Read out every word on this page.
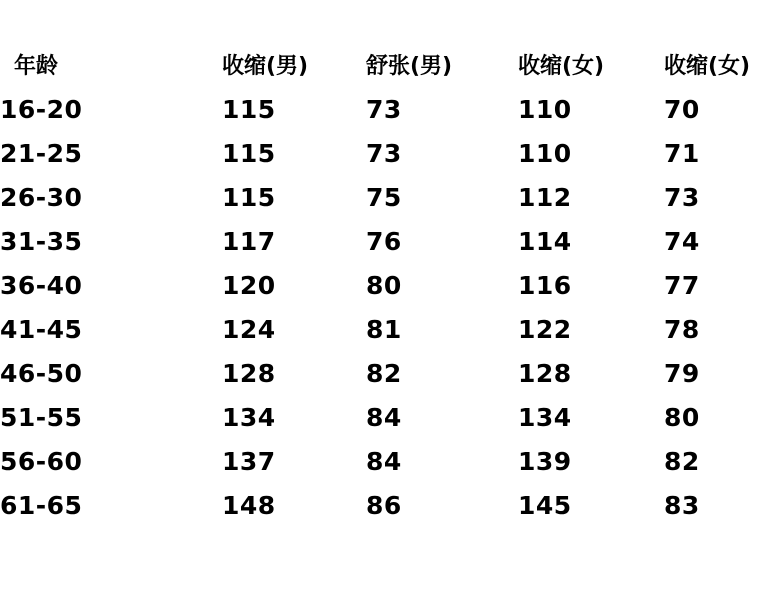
年龄	收缩(男)	舒张(男)	收缩(女)	收缩(女)
16-20	115	73	110	70
21-25	115	73	110	71
26-30	115	75	112	73
31-35	117	76	114	74
36-40	120	80	116	77
41-45	124	81	122	78
46-50	128	82	128	79
51-55	134	84	134	80
56-60	137	84	139	82
61-65	148	86	145	83
